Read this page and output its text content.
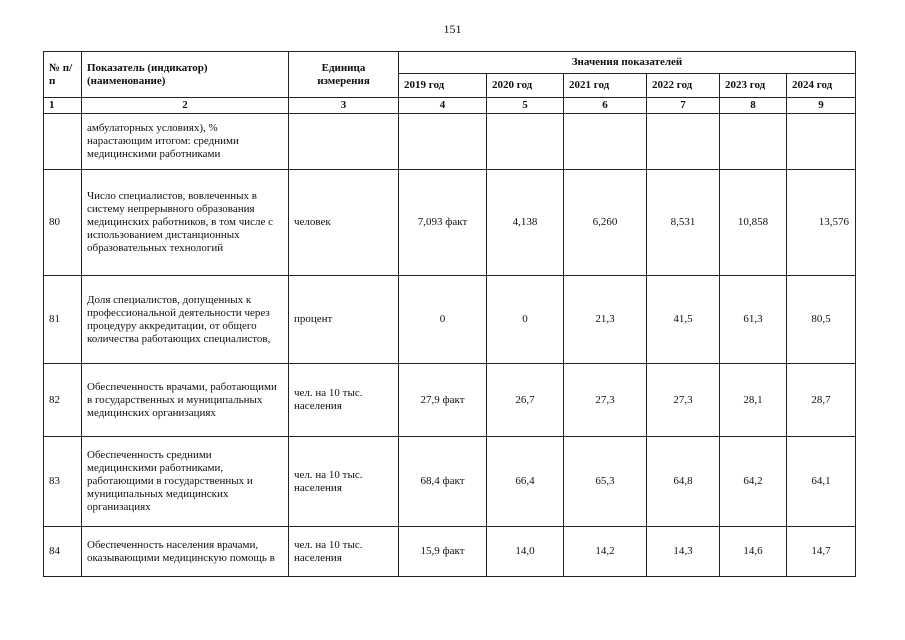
151
№ п/п	Показатель (индикатор) (наименование)	Единица измерения	Значения показателей					
			2019 год	2020 год	2021 год	2022 год	2023 год	2024 год
1	2	3	4	5	6	7	8	9
	амбулаторных условиях), % нарастающим итогом: средними медицинскими работниками							
80	Число специалистов, вовлеченных в систему непрерывного образования медицинских работников, в том числе с использованием дистанционных образовательных технологий	человек	7,093 факт	4,138	6,260	8,531	10,858	13,576
81	Доля специалистов, допущенных к профессиональной деятельности через процедуру аккредитации, от общего количества работающих специалистов,	процент	0	0	21,3	41,5	61,3	80,5
82	Обеспеченность врачами, работающими в государственных и муниципальных медицинских организациях	чел. на 10 тыс. населения	27,9 факт	26,7	27,3	27,3	28,1	28,7
83	Обеспеченность средними медицинскими работниками, работающими в государственных и муниципальных медицинских организациях	чел. на 10 тыс. населения	68,4 факт	66,4	65,3	64,8	64,2	64,1
84	Обеспеченность населения врачами, оказывающими медицинскую помощь в	чел. на 10 тыс. населения	15,9 факт	14,0	14,2	14,3	14,6	14,7
